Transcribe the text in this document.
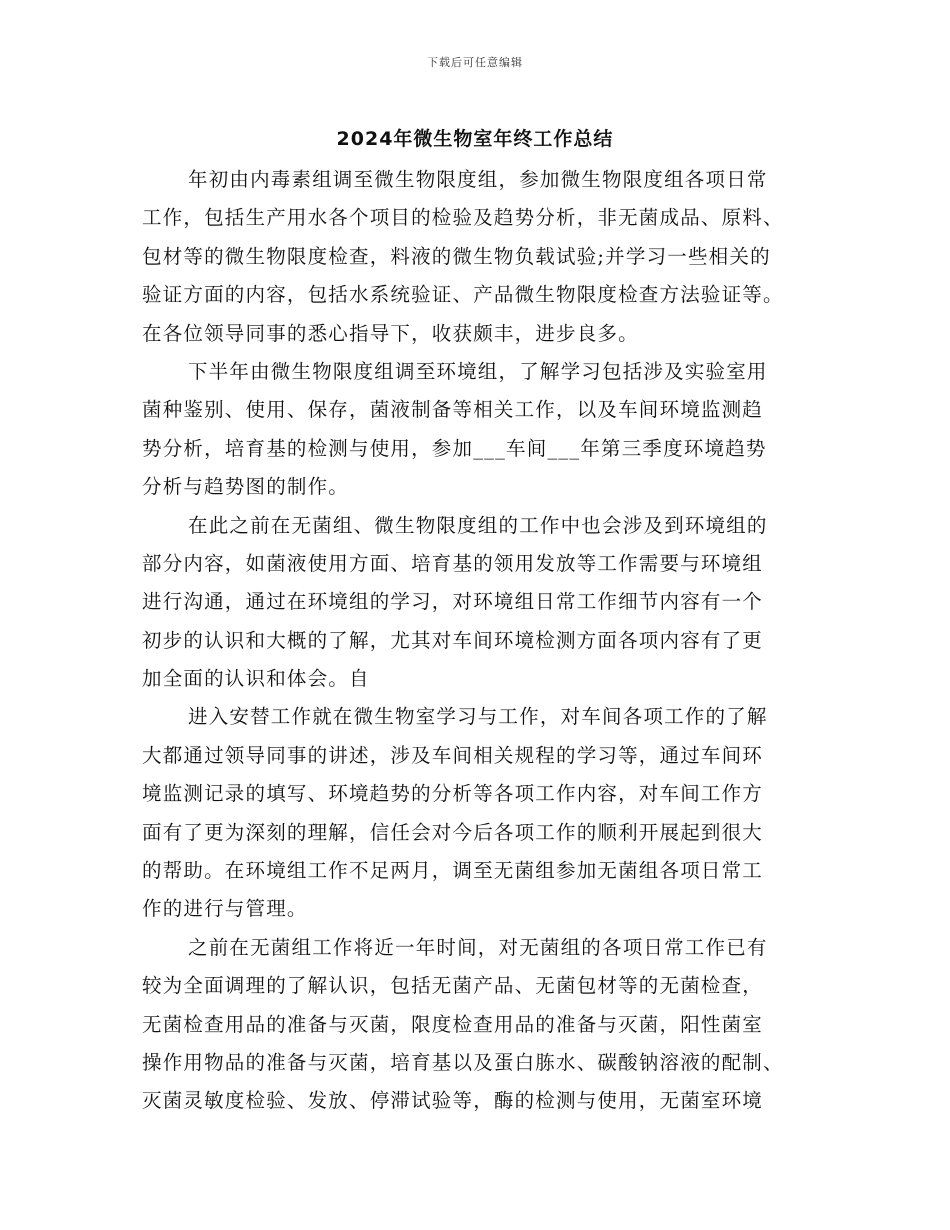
下载后可任意编辑
2024年微生物室年终工作总结
年初由内毒素组调至微生物限度组，参加微生物限度组各项日常
工作，包括生产用水各个项目的检验及趋势分析，非无菌成品、原料、
包材等的微生物限度检查，料液的微生物负载试验;并学习一些相关的
验证方面的内容，包括水系统验证、产品微生物限度检查方法验证等。
在各位领导同事的悉心指导下，收获颇丰，进步良多。
下半年由微生物限度组调至环境组，了解学习包括涉及实验室用
菌种鉴别、使用、保存，菌液制备等相关工作，以及车间环境监测趋
势分析，培育基的检测与使用，参加___车间___年第三季度环境趋势
分析与趋势图的制作。
在此之前在无菌组、微生物限度组的工作中也会涉及到环境组的
部分内容，如菌液使用方面、培育基的领用发放等工作需要与环境组
进行沟通，通过在环境组的学习，对环境组日常工作细节内容有一个
初步的认识和大概的了解，尤其对车间环境检测方面各项内容有了更
加全面的认识和体会。自
进入安替工作就在微生物室学习与工作，对车间各项工作的了解
大都通过领导同事的讲述，涉及车间相关规程的学习等，通过车间环
境监测记录的填写、环境趋势的分析等各项工作内容，对车间工作方
面有了更为深刻的理解，信任会对今后各项工作的顺利开展起到很大
的帮助。在环境组工作不足两月，调至无菌组参加无菌组各项日常工
作的进行与管理。
之前在无菌组工作将近一年时间，对无菌组的各项日常工作已有
较为全面调理的了解认识，包括无菌产品、无菌包材等的无菌检查，
无菌检查用品的准备与灭菌，限度检查用品的准备与灭菌，阳性菌室
操作用物品的准备与灭菌，培育基以及蛋白胨水、碳酸钠溶液的配制、
灭菌灵敏度检验、发放、停滞试验等，酶的检测与使用，无菌室环境
